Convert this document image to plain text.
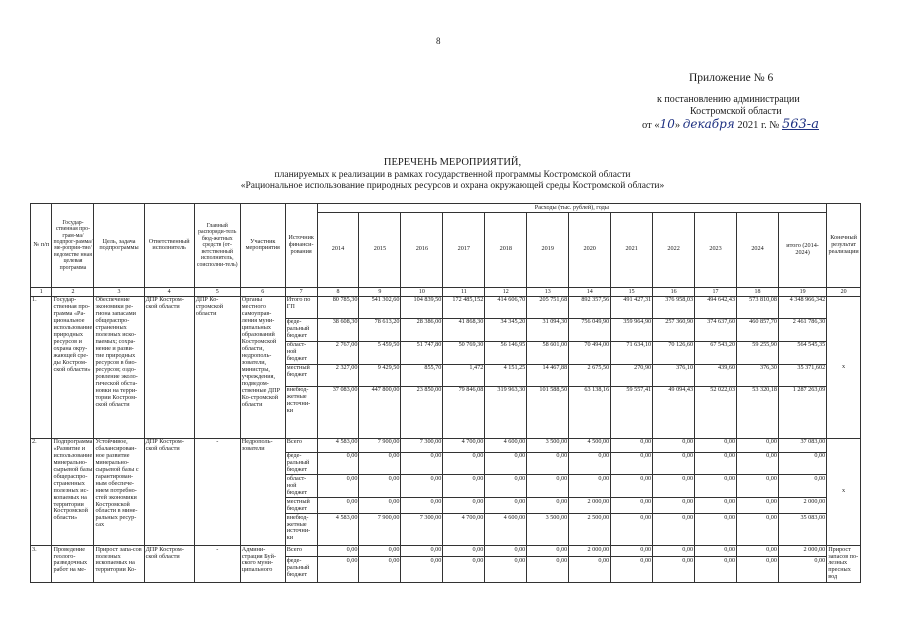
8
Приложение № 6
к постановлению администрации
Костромской области
от «10» декабря 2021 г. № 563-а
ПЕРЕЧЕНЬ МЕРОПРИЯТИЙ,
планируемых к реализации в рамках государственной программы Костромской области
«Рациональное использование природных ресурсов и охрана окружающей среды Костромской области»
№ п/п	Государ-ственная про-грам-ма/подпрог-рамма/ме-роприя-тие/ведомстве нная целевая программа	Цель, задача подпрограммы	Ответственный исполнитель	Главный распоряди-тель бюд-жетных средств (от-ветственный исполнитель, соисполни-тель)	Участник мероприятия	Источник финанси-рования	Расходы (тыс. рублей), годы												Конечный результат реализации
							2014	2015	2016	2017	2018	2019	2020	2021	2022	2023	2024	итого (2014-2024)	
1	2	3	4	5	6	7	8	9	10	11	12	13	14	15	16	17	18	19	20
1.	Государ-ственная про-грамма «Ра-циональное использование природных ресурсов и охрана окру-жающей сре-ды Костром-ской области»	Обеспечение экономики ре-гиона запасами общераспро-страненных полезных иско-паемых; сохра-нение и разви-тие природных ресурсов в био-ресурсов; оздо-ровление эколо-гической обста-новки на терри-тории Костром-ской области	ДПР Костром-ской области	ДПР Ко-стромской области	Органы местного самоуправ-ления муни-ципальных образований Костромской области, недрополь-зователи, министры, учреждения, подведом-ственные ДПР Ко-стромской области	Итого по ГП	80 785,30	541 302,60	104 839,50	172 485,152	414 606,70	205 751,68	892 357,56	491 427,31	376 958,03	494 642,43	573 810,08	4 348 966,342	x
						феде-ральный бюджет	38 608,30	78 613,20	28 386,00	41 868,30	34 345,20	31 094,30	756 049,90	359 964,90	257 360,90	374 637,60	460 857,70	2 461 786,30	
						област-ной бюджет	2 767,00	5 459,50	51 747,80	50 769,30	56 146,95	58 601,00	70 494,00	71 634,10	70 126,60	67 543,20	59 255,90	564 545,35	
						местный бюджет	2 327,00	9 429,50	855,70	1,472	4 151,25	14 467,88	2 675,50	270,90	376,10	439,60	376,30	35 371,602	
						внебюд-жетные источни-ки	37 083,00	447 800,00	23 850,00	79 846,08	319 963,30	101 588,50	63 138,16	59 557,41	49 094,43	52 022,03	53 320,18	1 287 263,09	
2.	Подпрограмма «Развитие и использование минерально-сырьевой базы общераспро-страненных полезных ис-копаемых на территории Костромской области»	Устойчивое, сбалансирован-ное развитие минерально-сырьевой базы с гарантирован-ным обеспече-нием потребно-стей экономики Костромской области в мине-ральных ресур-сах	ДПР Костром-ской области	-	Недрополь-зователи	Всего	4 583,00	7 900,00	7 300,00	4 700,00	4 600,00	3 500,00	4 500,00	0,00	0,00	0,00	0,00	37 083,00	x
						феде-ральный бюджет	0,00	0,00	0,00	0,00	0,00	0,00	0,00	0,00	0,00	0,00	0,00	0,00	
						област-ной бюджет	0,00	0,00	0,00	0,00	0,00	0,00	0,00	0,00	0,00	0,00	0,00	0,00	
						местный бюджет	0,00	0,00	0,00	0,00	0,00	0,00	2 000,00	0,00	0,00	0,00	0,00	2 000,00	
						внебюд-жетные источни-ки	4 583,00	7 900,00	7 300,00	4 700,00	4 600,00	3 500,00	2 500,00	0,00	0,00	0,00	0,00	35 083,00	
3.	Проведение геолого-разведочных работ на ме-	Прирост запа-сов полезных ископаемых на территории Ко-	ДПР Костром-ской области	-	Админи-страция Буй-ского муни-ципального	Всего	0,00	0,00	0,00	0,00	0,00	0,00	2 000,00	0,00	0,00	0,00	0,00	2 000,00	Прирост запасов по-лезных пресных вод
						феде-ральный бюджет	0,00	0,00	0,00	0,00	0,00	0,00	0,00	0,00	0,00	0,00	0,00	0,00	
